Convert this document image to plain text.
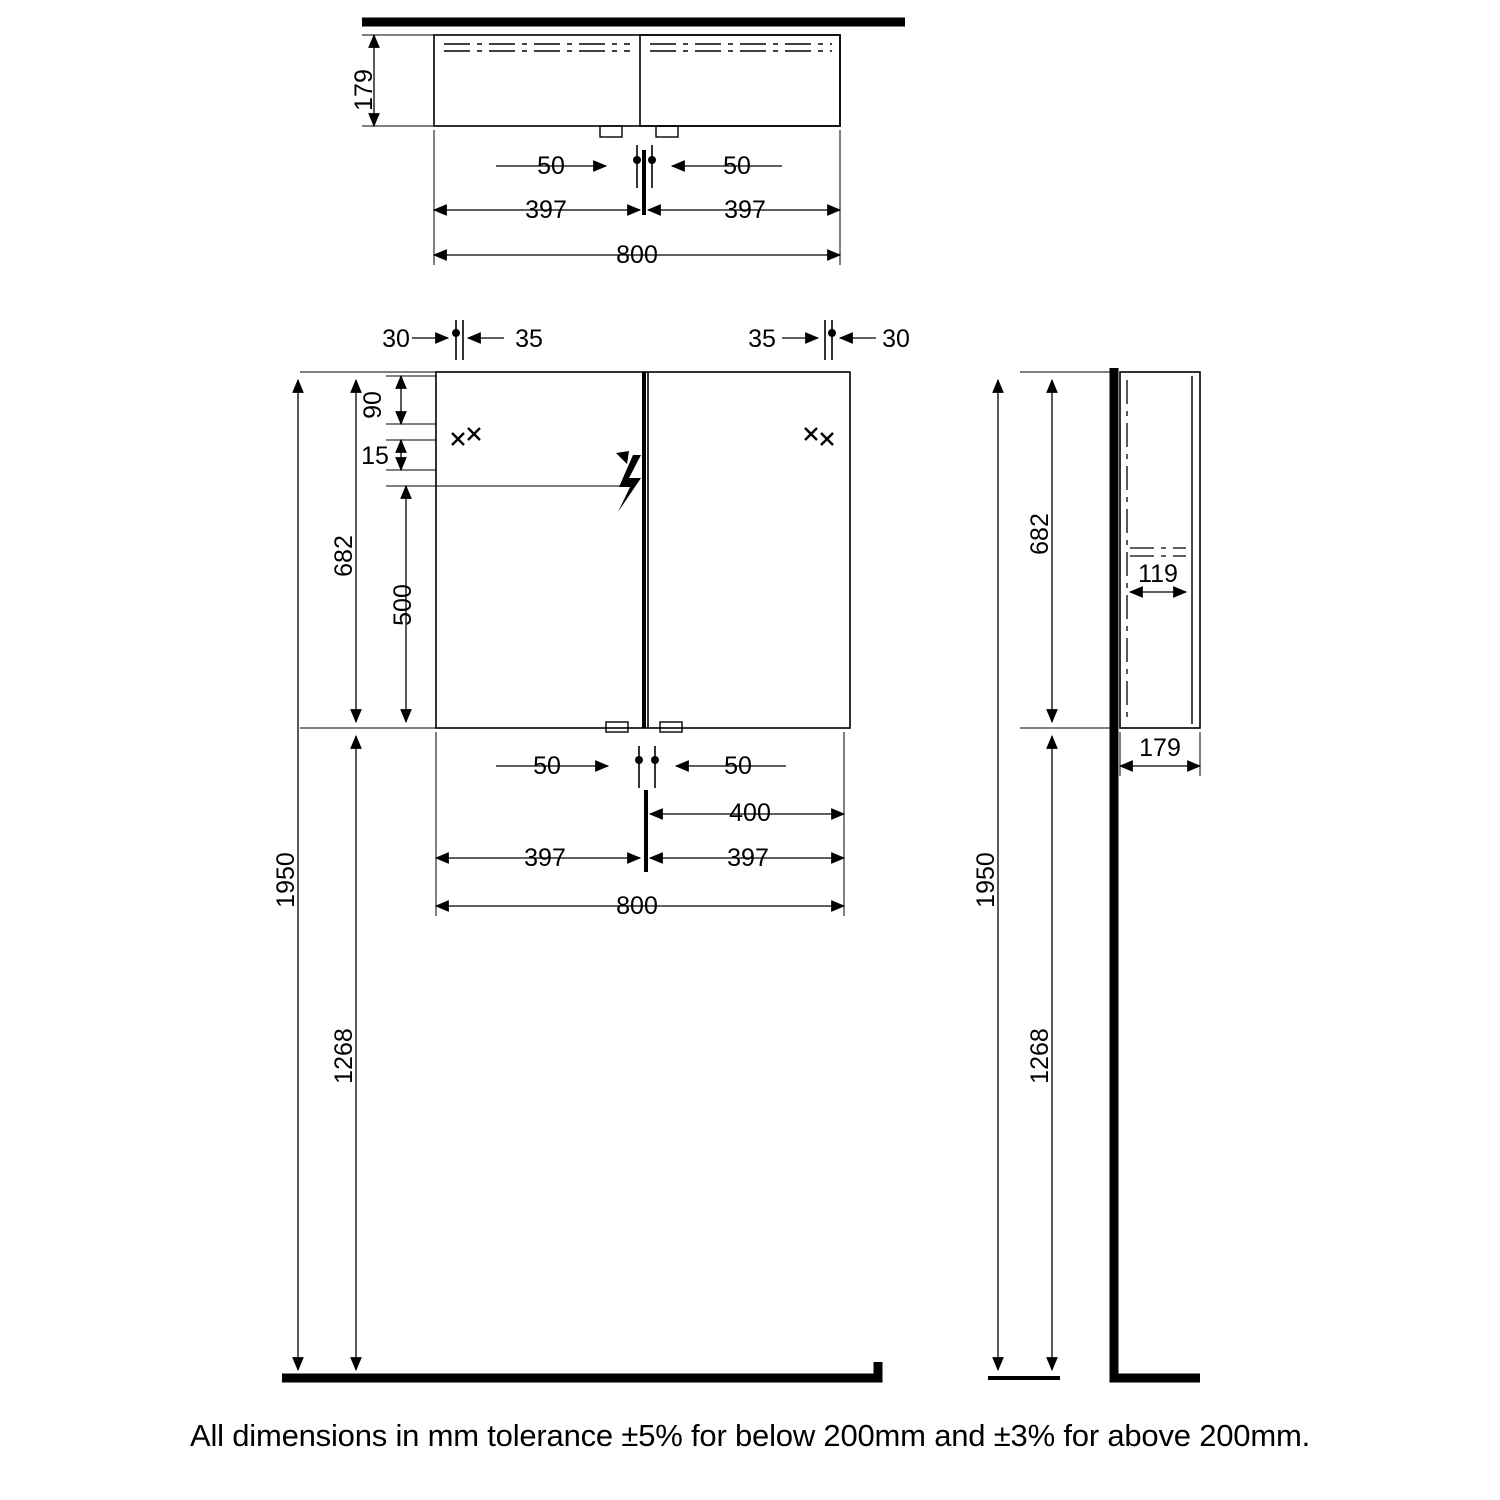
179
50	50
397	397
800
30	35	35	30
90
15
682
500
50	50
400
397	397
800
1950
1268
682
119
179
1950
1268
All dimensions in mm tolerance ±5% for below 200mm and ±3% for above 200mm.
